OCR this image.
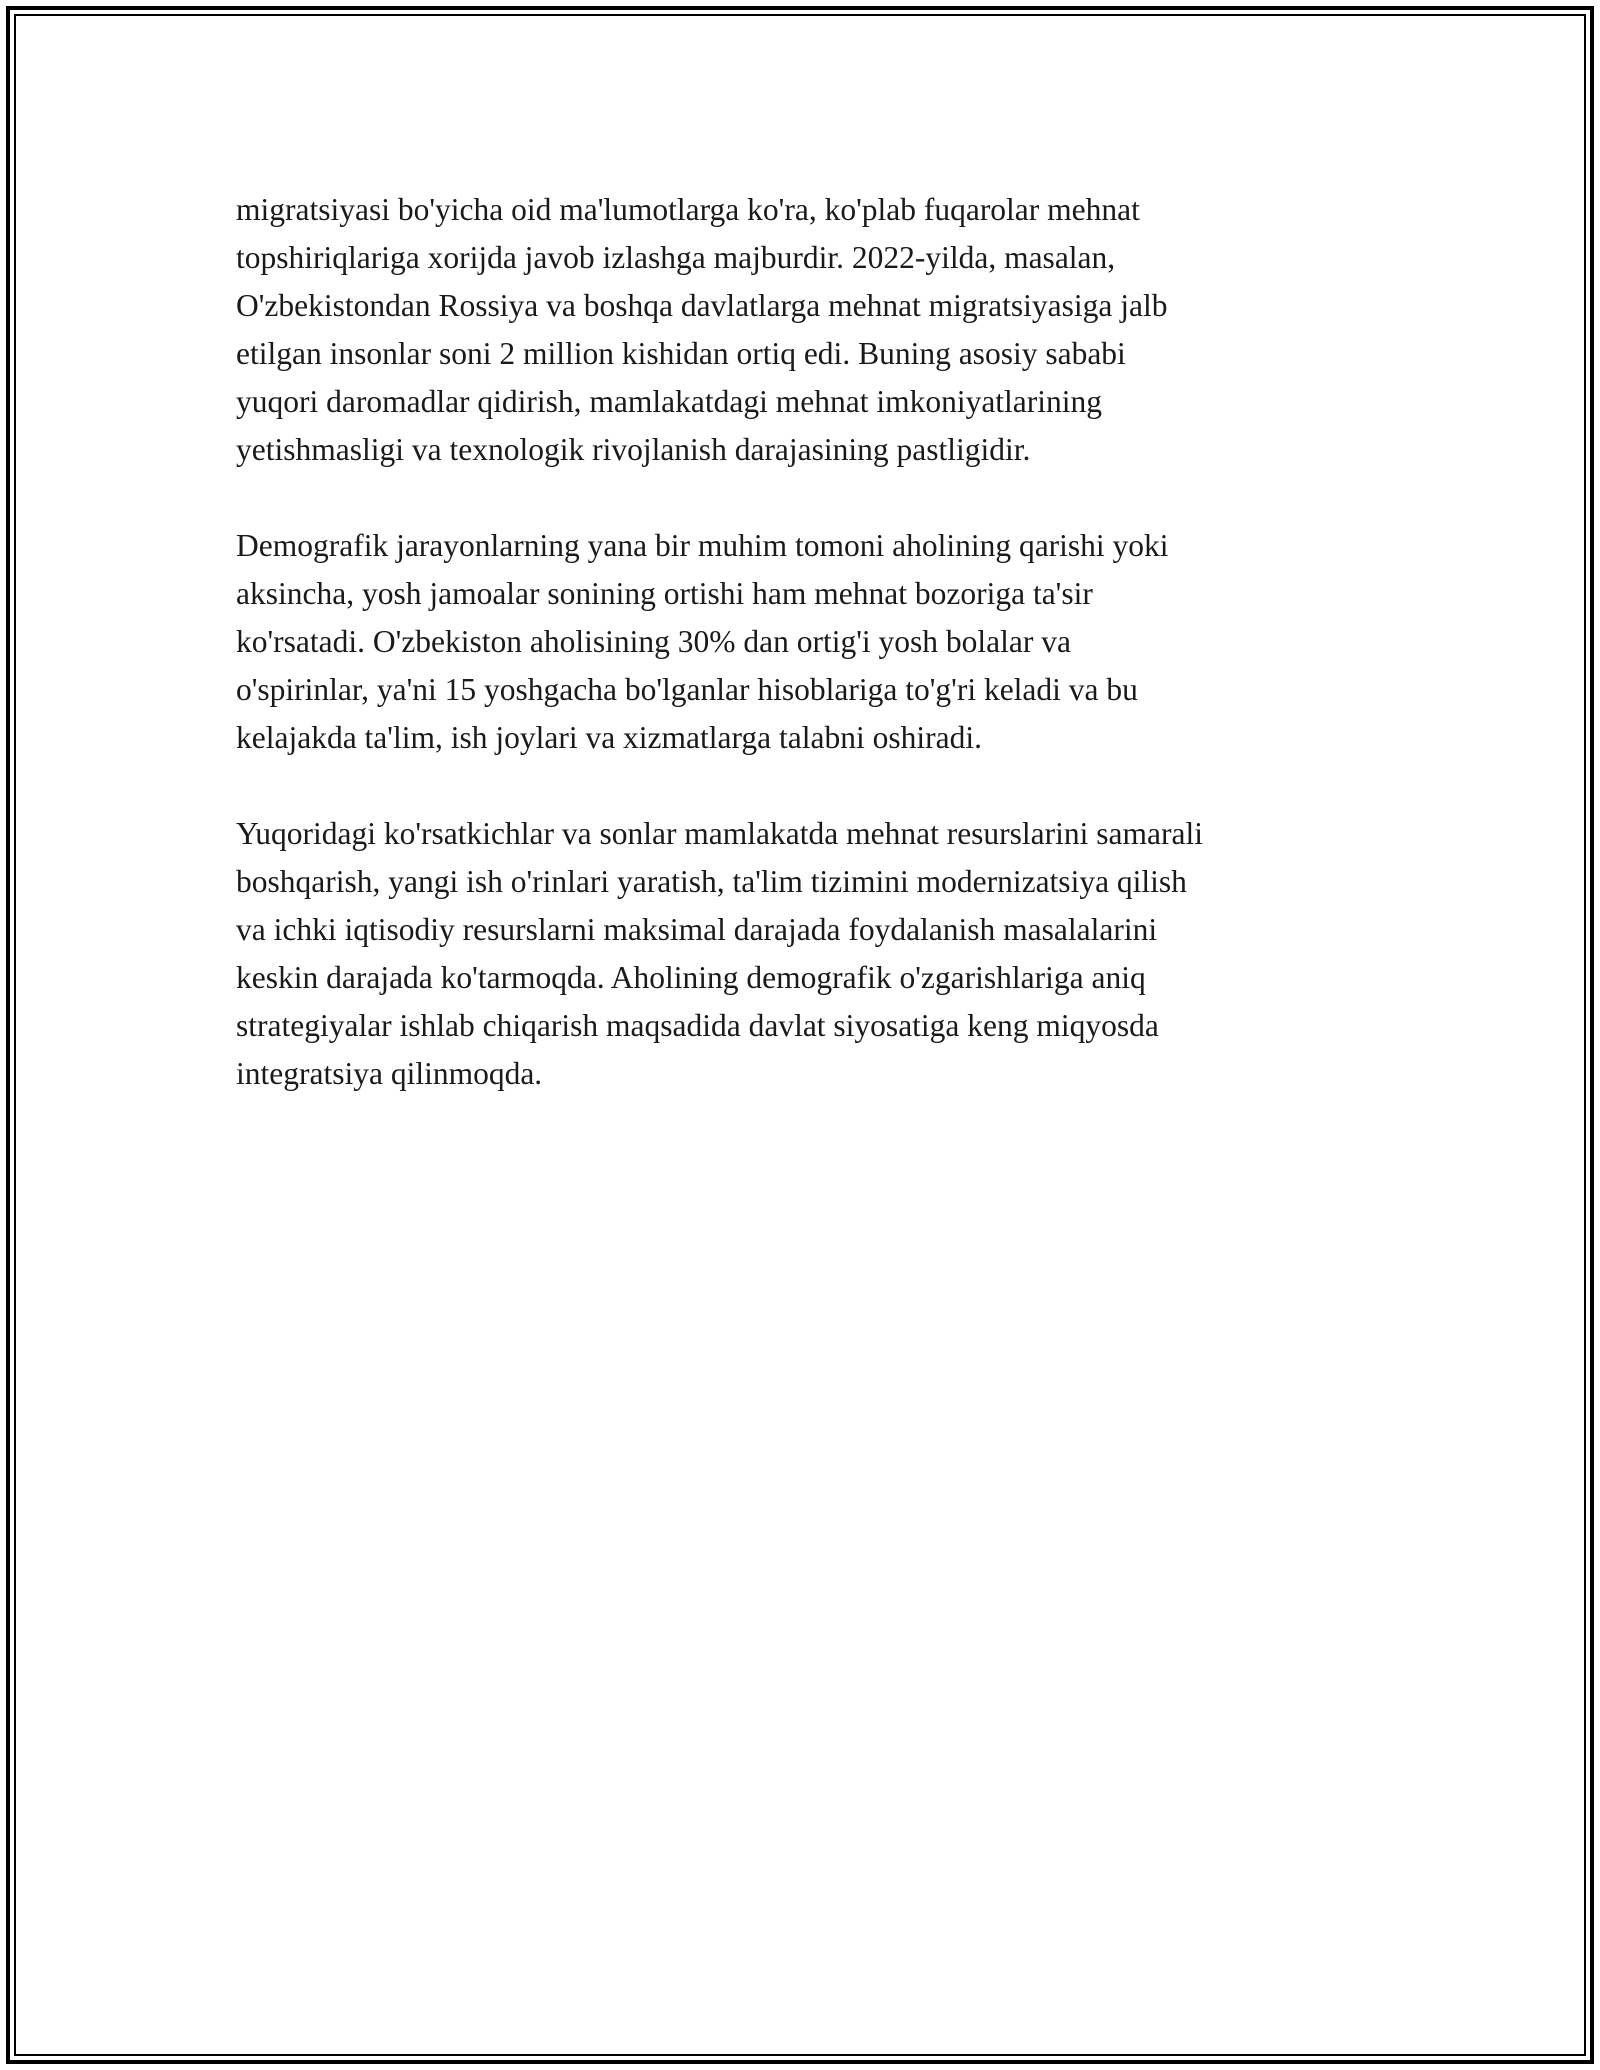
migratsiyasi bo'yicha oid ma'lumotlarga ko'ra, ko'plab fuqarolar mehnat
topshiriqlariga xorijda javob izlashga majburdir. 2022-yilda, masalan,
O'zbekistondan Rossiya va boshqa davlatlarga mehnat migratsiyasiga jalb
etilgan insonlar soni 2 million kishidan ortiq edi. Buning asosiy sababi
yuqori daromadlar qidirish, mamlakatdagi mehnat imkoniyatlarining
yetishmasligi va texnologik rivojlanish darajasining pastligidir.

Demografik jarayonlarning yana bir muhim tomoni aholining qarishi yoki
aksincha, yosh jamoalar sonining ortishi ham mehnat bozoriga ta'sir
ko'rsatadi. O'zbekiston aholisining 30% dan ortig'i yosh bolalar va
o'spirinlar, ya'ni 15 yoshgacha bo'lganlar hisoblariga to'g'ri keladi va bu
kelajakda ta'lim, ish joylari va xizmatlarga talabni oshiradi.

Yuqoridagi ko'rsatkichlar va sonlar mamlakatda mehnat resurslarini samarali
boshqarish, yangi ish o'rinlari yaratish, ta'lim tizimini modernizatsiya qilish
va ichki iqtisodiy resurslarni maksimal darajada foydalanish masalalarini
keskin darajada ko'tarmoqda. Aholining demografik o'zgarishlariga aniq
strategiyalar ishlab chiqarish maqsadida davlat siyosatiga keng miqyosda
integratsiya qilinmoqda.
